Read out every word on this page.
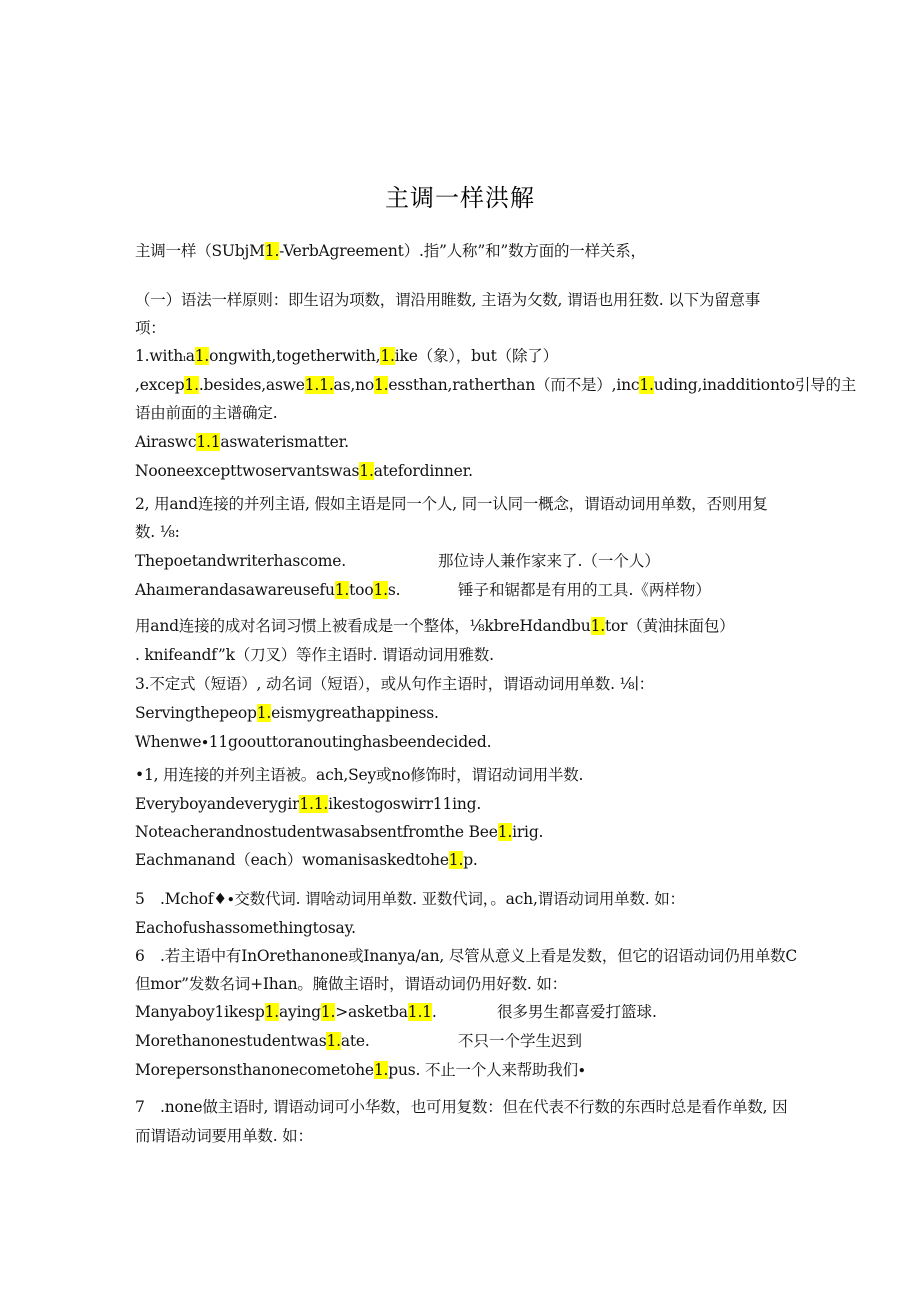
主调一样洪解
主调一样（SUbjM1.-VerbAgreement）.指”人称”和”数方面的一样关系，
（一）语法一样原则：即生诏为项数，谓沿用睢数, 主语为攵数, 谓语也用狂数. 以下为留意事
项：
1.withıa1.ongwith,togetherwith,1.ike（象），but（除了）
,excep1..besides,aswe1.1.as,no1.essthan,ratherthan（而不是）,inc1.uding,inadditionto引导的主
语由前面的主谱确定.
Airaswc1.1aswaterismatter.
Nooneexcepttwoservantswas1.atefordinner.
2, 用and连接的并列主语, 假如主语是同一个人, 同一认同一概念，谓语动词用单数，否则用复
数. ⅛:
Thepoetandwriterhascome.	那位诗人兼作家来了.（一个人）
Ahaımerandasawareusefu1.too1.s.	锤子和锯都是有用的工具.《两样物）
用and连接的成对名词习惯上被看成是一个整体，⅛kbreHdandbu1.tor（黄油抹面包）
. knifeandf”k（刀叉）等作主语时. 谓语动词用雅数.
3.不定式（短语）, 动名词（短语），或从句作主语时，谓语动词用单数. ⅛∣：
Servingthepeop1.eismygreathappiness.
Whenwe∙11goouttoranoutinghasbeendecided.
•1, 用连接的并列主语被。ach,Sey或no修饰时，谓诏动词用半数.
Everyboyandeverygir1.1.ikestogoswirr11ing.
Noteacherandnostudentwasabsentfromthe Bee1.irig.
Eachmanand（each）womanisaskedtohe1.p.
5　.Mchof♦∙交数代词. 谓啥动词用单数. 亚数代词，。ach,谓语动词用单数. 如：
Eachofushassomethingtosay.
6　.若主语中有InOrethanone或Inanya/an, 尽管从意义上看是发数，但它的诏语动词仍用单数C
但mor”发数名词+Ihan。腌做主语时，谓语动词仍用好数. 如：
Manyaboy1ikesp1.aying1.>asketba1.1.	很多男生都喜爱打篮球.
Morethanonestudentwas1.ate.	不只一个学生迟到
Morepersonsthanonecometohe1.pus. 不止一个人来帮助我们∙
7　.none做主语时, 谓语动词可小华数，也可用复数：但在代表不行数的东西时总是看作单数, 因
而谓语动词要用单数. 如：
